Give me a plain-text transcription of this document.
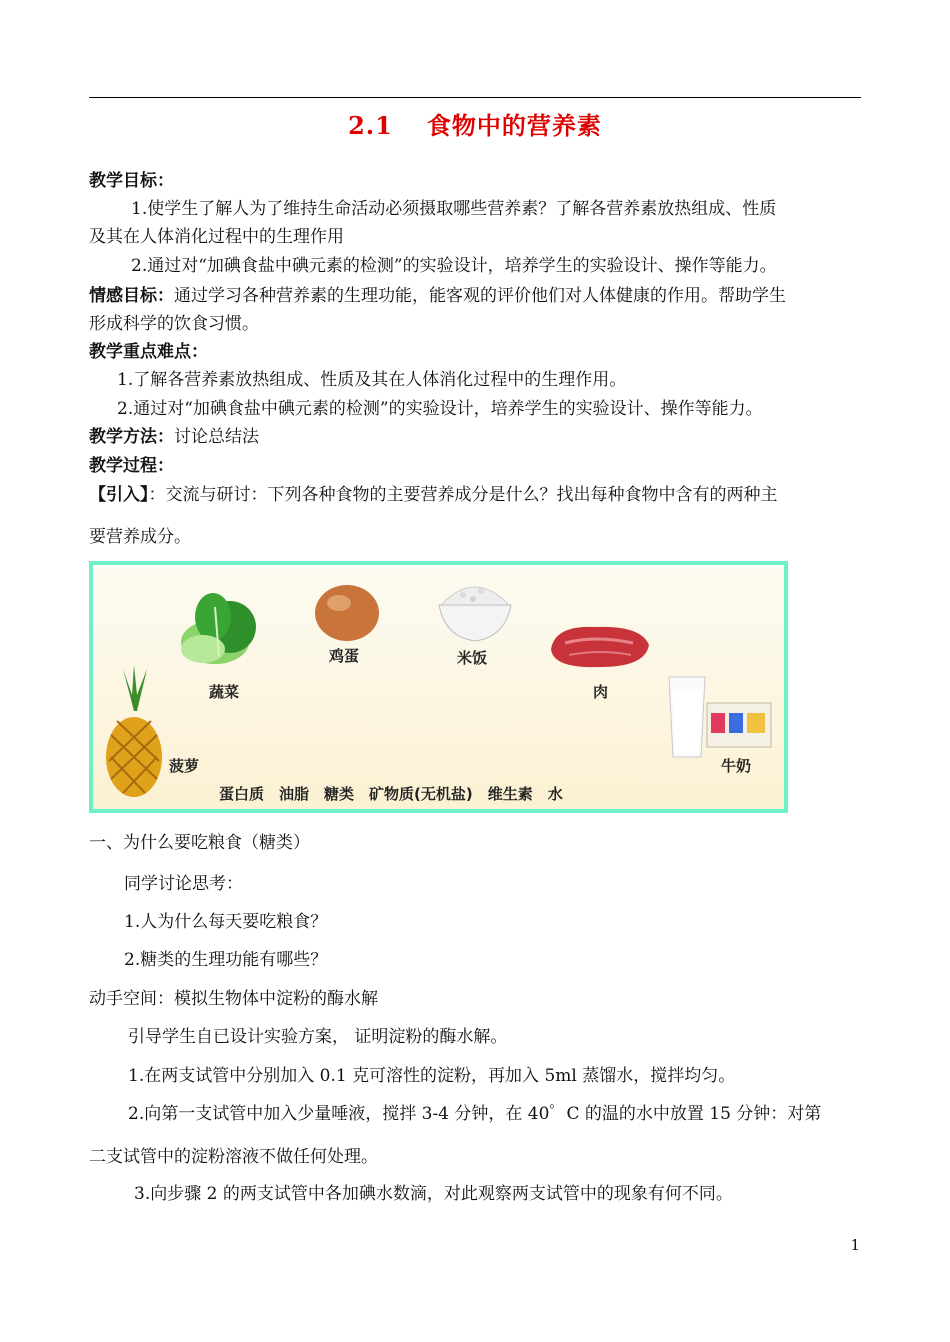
2.1 食物中的营养素
教学目标：
1.使学生了解人为了维持生命活动必须摄取哪些营养素？了解各营养素放热组成、性质
及其在人体消化过程中的生理作用
2.通过对“加碘食盐中碘元素的检测”的实验设计，培养学生的实验设计、操作等能力。
情感目标：通过学习各种营养素的生理功能，能客观的评价他们对人体健康的作用。帮助学生
形成科学的饮食习惯。
教学重点难点：
1.了解各营养素放热组成、性质及其在人体消化过程中的生理作用。
2.通过对“加碘食盐中碘元素的检测”的实验设计，培养学生的实验设计、操作等能力。
教学方法：讨论总结法
教学过程：
【引入】：交流与研讨：下列各种食物的主要营养成分是什么？找出每种食物中含有的两种主
要营养成分。
蔬菜
鸡蛋	米饭
肉
菠萝	牛奶
蛋白质　油脂　糖类　矿物质(无机盐)　维生素　水
一、为什么要吃粮食（糖类）
同学讨论思考：
1.人为什么每天要吃粮食？
2.糖类的生理功能有哪些？
动手空间：模拟生物体中淀粉的酶水解
引导学生自已设计实验方案， 证明淀粉的酶水解。
1.在两支试管中分别加入 0.1 克可溶性的淀粉，再加入 5ml 蒸馏水，搅拌均匀。
2.向第一支试管中加入少量唾液，搅拌 3-4 分钟，在 40゜C 的温的水中放置 15 分钟：对第
二支试管中的淀粉溶液不做任何处理。
3.向步骤 2 的两支试管中各加碘水数滴，对此观察两支试管中的现象有何不同。
1
